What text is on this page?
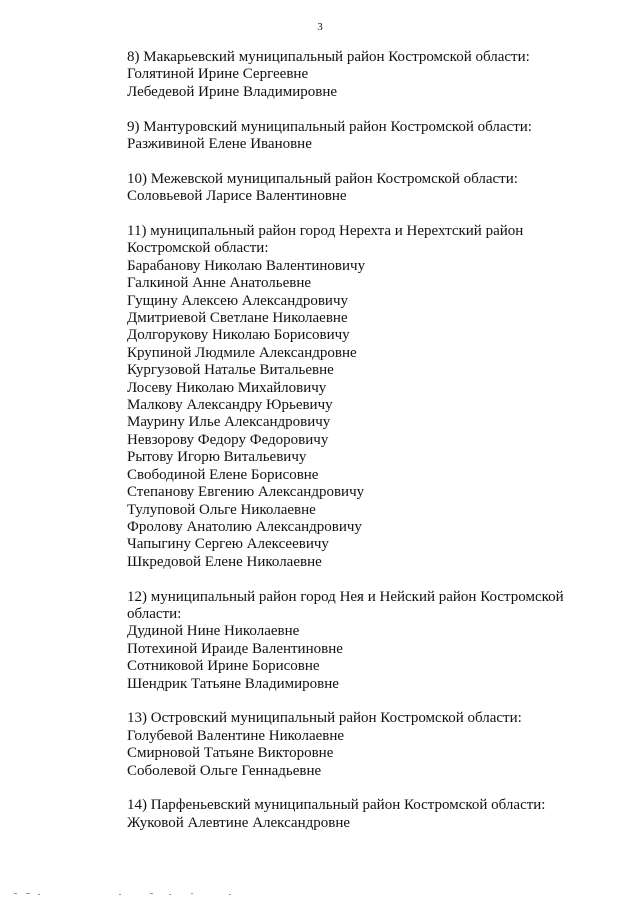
3
8) Макарьевский муниципальный район Костромской области:
Голятиной Ирине Сергеевне
Лебедевой Ирине Владимировне
9) Мантуровский муниципальный район Костромской области:
Разживиной Елене Ивановне
10) Межевской муниципальный район Костромской области:
Соловьевой Ларисе Валентиновне
11) муниципальный район город Нерехта и Нерехтский район Костромской области:
Барабанову Николаю Валентиновичу
Галкиной Анне Анатольевне
Гущину Алексею Александровичу
Дмитриевой Светлане Николаевне
Долгорукову Николаю Борисовичу
Крупиной Людмиле Александровне
Кургузовой Наталье Витальевне
Лосеву Николаю Михайловичу
Малкову Александру Юрьевичу
Маурину Илье Александровичу
Невзорову Федору Федоровичу
Рытову Игорю Витальевичу
Свободиной Елене Борисовне
Степанову Евгению Александровичу
Тулуповой Ольге Николаевне
Фролову Анатолию Александровичу
Чапыгину Сергею Алексеевичу
Шкредовой Елене Николаевне
12) муниципальный район город Нея и Нейский район Костромской области:
Дудиной Нине Николаевне
Потехиной Ираиде Валентиновне
Сотниковой Ирине Борисовне
Шендрик Татьяне Владимировне
13) Островский муниципальный район Костромской области:
Голубевой Валентине Николаевне
Смирновой Татьяне Викторовне
Соболевой Ольге Геннадьевне
14) Парфеньевский муниципальный район Костромской области:
Жуковой Алевтине Александровне
